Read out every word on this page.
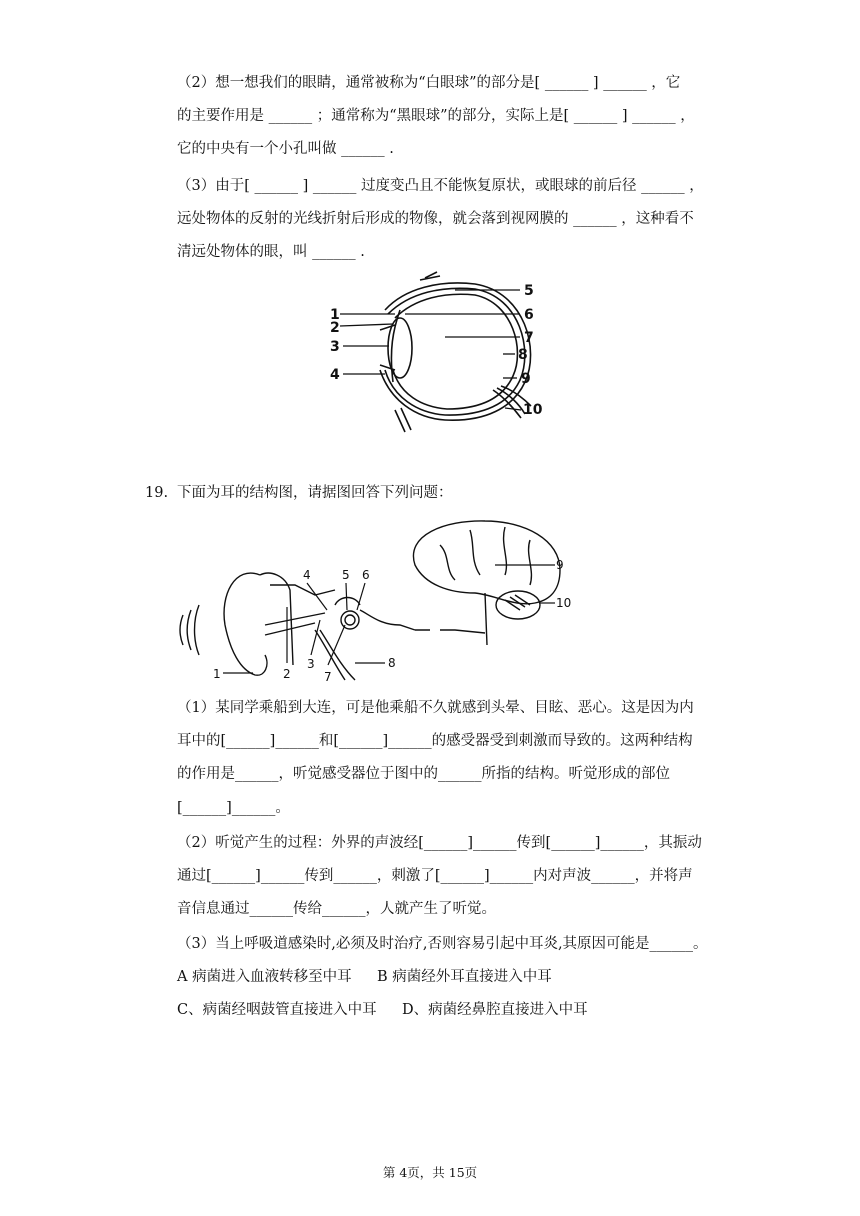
（2）想一想我们的眼睛，通常被称为“白眼球”的部分是[ ______ ] ______ ，它
的主要作用是 ______ ；通常称为“黑眼球”的部分，实际上是[ ______ ] ______ ，
它的中央有一个小孔叫做 ______ .
（3）由于[ ______ ] ______ 过度变凸且不能恢复原状，或眼球的前后径 ______ ，
远处物体的反射的光线折射后形成的物像，就会落到视网膜的 ______ ，这种看不
清远处物体的眼，叫 ______ .
1
2
3
4
5
6
7
8
9
10
19. 下面为耳的结构图，请据图回答下列问题：
1	2
3
4	5 6
7
8
9
10
（1）某同学乘船到大连，可是他乘船不久就感到头晕、目眩、恶心。这是因为内
耳中的[______]______和[______]______的感受器受到刺激而导致的。这两种结构
的作用是______，听觉感受器位于图中的______所指的结构。听觉形成的部位
[______]______。
（2）听觉产生的过程：外界的声波经[______]______传到[______]______，其振动
通过[______]______传到______，刺激了[______]______内对声波______，并将声
音信息通过______传给______，人就产生了听觉。
（3）当上呼吸道感染时,必须及时治疗,否则容易引起中耳炎,其原因可能是______。
A 病菌进入血液转移至中耳 B 病菌经外耳直接进入中耳
C、病菌经咽鼓管直接进入中耳 D、病菌经鼻腔直接进入中耳
第 4页，共 15页
